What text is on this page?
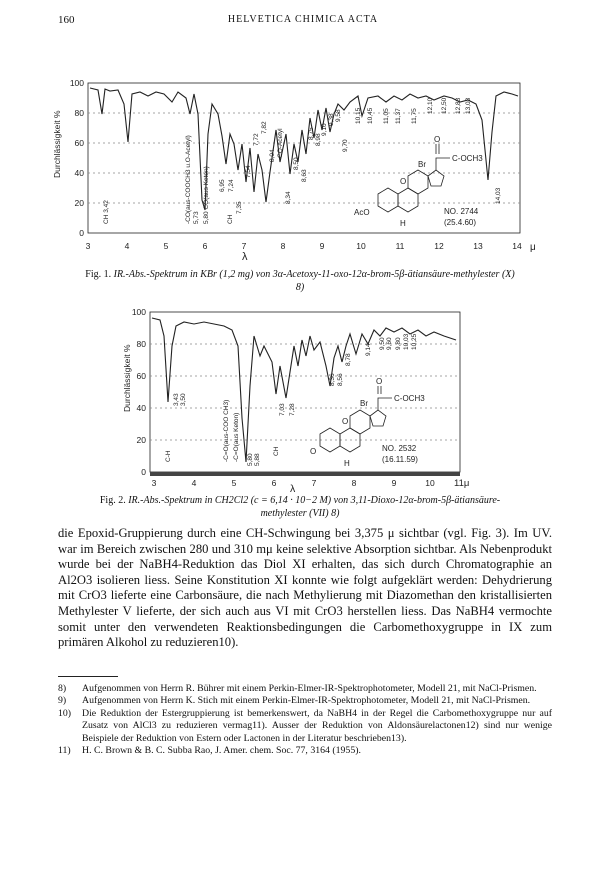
160	HELVETICA CHIMICA ACTA
Durchlässigkeit %
100
80
60
40
20
0
3	4	5	6	7	8	9	10	11	12	13	14
λ
μ
CH 3,42	5,73 5,80 CO(aus Keton)
-CO(aus-COOCH3 u.O-Acetyl)	6,95 7,24
7,35
7,54
7,72
7,82
8,04
CH
CO-Acetyl
8,34
8,50
8,63
8,75 8,98
9,10
9,38 9,58
9,70
10,15 10,45 11,05 11,37 11,75
12,10 12,50 12,83 13,03
14,03
Br
O
C-OCH3
O
AcO
H
NO. 2744
(25.4.60)
Fig. 1. IR.-Abs.-Spektrum in KBr (1,2 mg) von 3α-Acetoxy-11-oxo-12α-brom-5β-ätiansäure-methylester (X) 8)
Durchlässigkeit %
100
80
60
40
20
0
3	4	5	6	7	8	9	10
λ	11μ
C-H
3,43 3,50
-C=O(aus-COO CH3)	5,80 5,88
-C=O(aus Keton)
7,03 7,28
CH
8,36 8,56
8,78
9,14 9,50 9,60 9,80 10,03 10,25
Br
O
C-OCH3
O
O
H
NO. 2532
(16.11.59)
Fig. 2. IR.-Abs.-Spektrum in CH2Cl2 (c = 6,14 · 10−2 M) von 3,11-Dioxo-12α-brom-5β-ätiansäure-methylester (VII) 8)
die Epoxid-Gruppierung durch eine CH-Schwingung bei 3,375 μ sichtbar (vgl. Fig. 3). Im UV. war im Bereich zwischen 280 und 310 mμ keine selektive Absorption sichtbar. Als Nebenprodukt wurde bei der NaBH4-Reduktion das Diol XI erhalten, das sich durch Chromatographie an Al2O3 isolieren liess. Seine Konstitution XI konnte wie folgt aufgeklärt werden: Dehydrierung mit CrO3 lieferte eine Carbonsäure, die nach Methylierung mit Diazomethan den kristallisierten Methylester V lieferte, der sich auch aus VI mit CrO3 herstellen liess. Das NaBH4 vermochte somit unter den verwendeten Reaktionsbedingungen die Carbomethoxygruppe in IX zum primären Alkohol zu reduzieren10).
8) Aufgenommen von Herrn R. Bührer mit einem Perkin-Elmer-IR-Spektrophotometer, Modell 21, mit NaCl-Prismen.
9) Aufgenommen von Herrn K. Stich mit einem Perkin-Elmer-IR-Spektrophotometer, Modell 21, mit NaCl-Prismen.
10) Die Reduktion der Estergruppierung ist bemerkenswert, da NaBH4 in der Regel die Carbomethoxygruppe nur auf Zusatz von AlCl3 zu reduzieren vermag11). Ausser der Reduktion von Aldonsäurelactonen12) sind nur wenige Beispiele der Reduktion von Estern oder Lactonen in der Literatur beschrieben13).
11) H. C. Brown & B. C. Subba Rao, J. Amer. chem. Soc. 77, 3164 (1955).
